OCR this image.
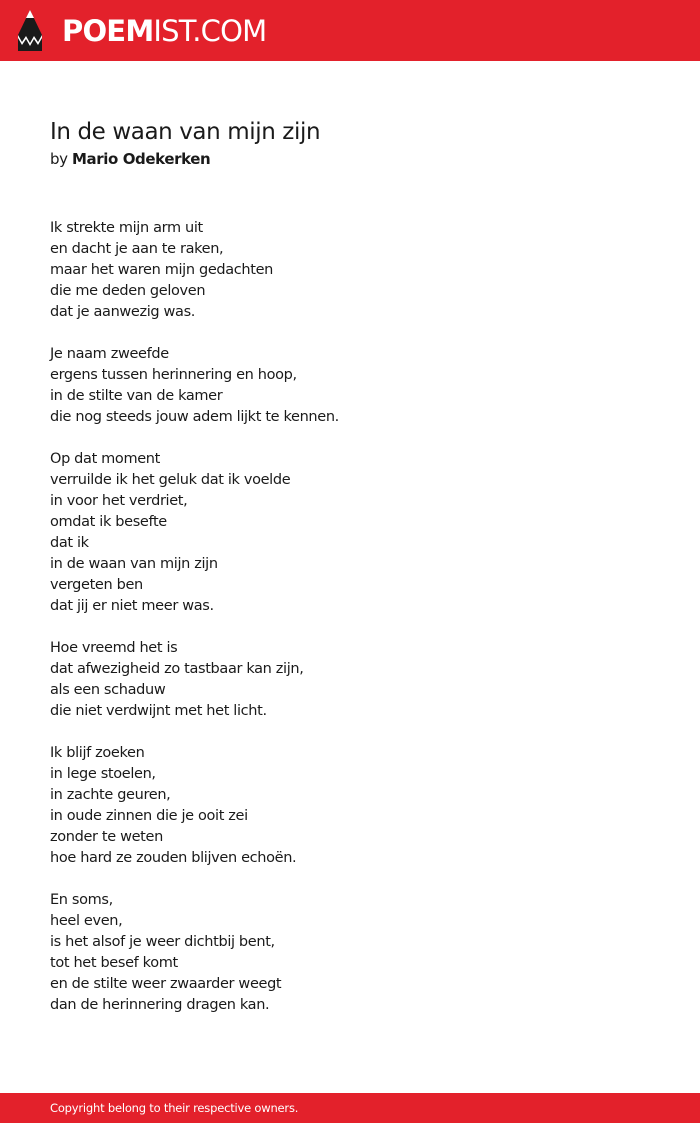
POEMIST.COM
In de waan van mijn zijn
by Mario Odekerken
Ik strekte mijn arm uit
en dacht je aan te raken,
maar het waren mijn gedachten
die me deden geloven
dat je aanwezig was.
Je naam zweefde
ergens tussen herinnering en hoop,
in de stilte van de kamer
die nog steeds jouw adem lijkt te kennen.
Op dat moment
verruilde ik het geluk dat ik voelde
in voor het verdriet,
omdat ik besefte
dat ik
in de waan van mijn zijn
vergeten ben
dat jij er niet meer was.
Hoe vreemd het is
dat afwezigheid zo tastbaar kan zijn,
als een schaduw
die niet verdwijnt met het licht.
Ik blijf zoeken
in lege stoelen,
in zachte geuren,
in oude zinnen die je ooit zei
zonder te weten
hoe hard ze zouden blijven echoën.
En soms,
heel even,
is het alsof je weer dichtbij bent,
tot het besef komt
en de stilte weer zwaarder weegt
dan de herinnering dragen kan.
Copyright belong to their respective owners.
